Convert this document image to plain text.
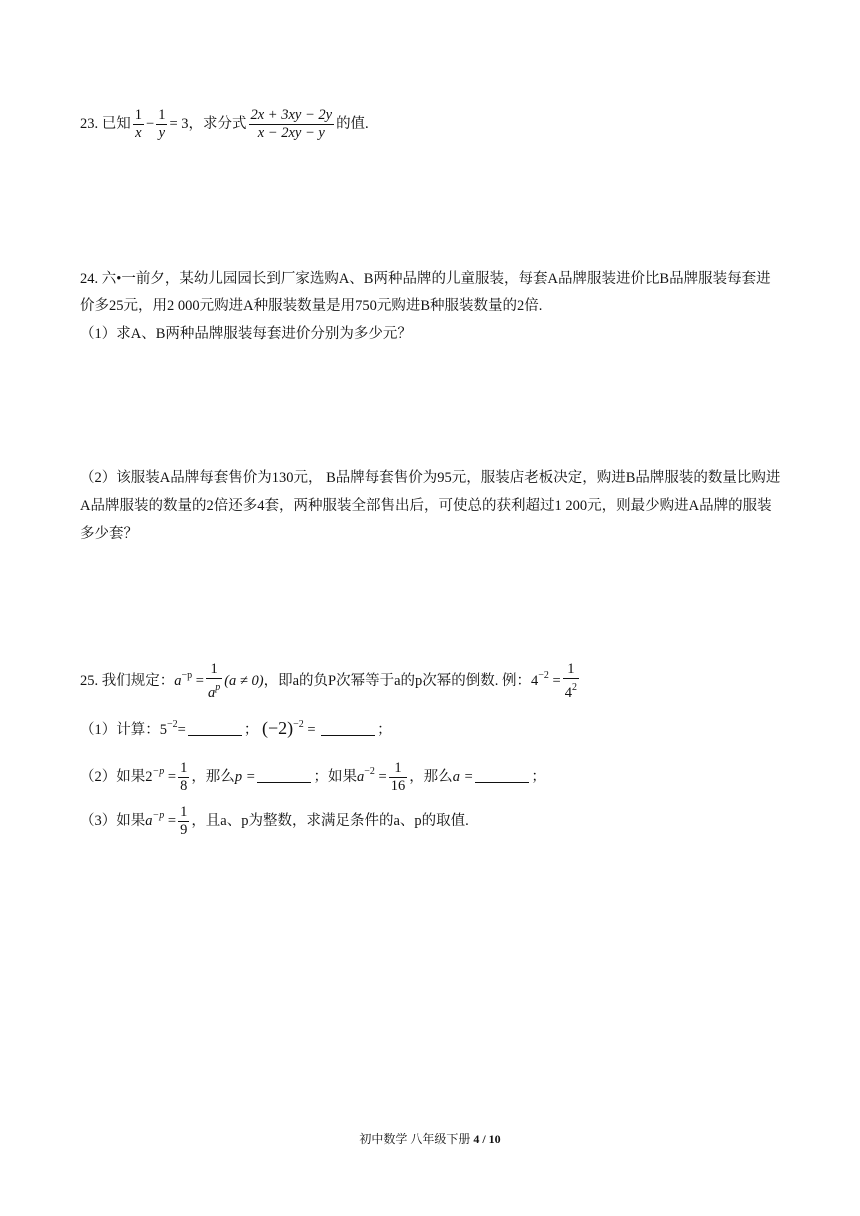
23. 已知 $\frac{1}{x} - \frac{1}{y} = 3$，求分式 $\frac{2x + 3xy - 2y}{x - 2xy - y}$ 的值.
24. 六•一前夕，某幼儿园园长到厂家选购A、B两种品牌的儿童服装，每套A品牌服装进价比B品牌服装每套进价多25元，用2 000元购进A种服装数量是用750元购进B种服装数量的2倍.
（1）求A、B两种品牌服装每套进价分别为多少元？
（2）该服装A品牌每套售价为130元， B品牌每套售价为95元，服装店老板决定，购进B品牌服装的数量比购进A品牌服装的数量的2倍还多4套，两种服装全部售出后，可使总的获利超过1 200元，则最少购进A品牌的服装多少套？
25. 我们规定：$a^{-p} = \frac{1}{a^p} (a \ne 0)$，即a的负P次幂等于a的p次幂的倒数. 例：$4^{-2} = \frac{1}{4^2}$
（1）计算：$5^{-2}=$	； $(-2)^{-2}$ =	；
（2）如果$2^{-p} = \frac{1}{8}$ ，那么p =	；如果$a^{-2} = \frac{1}{16}$ ，那么a =	；
（3）如果$a^{-p} = \frac{1}{9}$ ，且a、p为整数，求满足条件的a、p的取值.
初中数学 八年级下册 4 / 10
